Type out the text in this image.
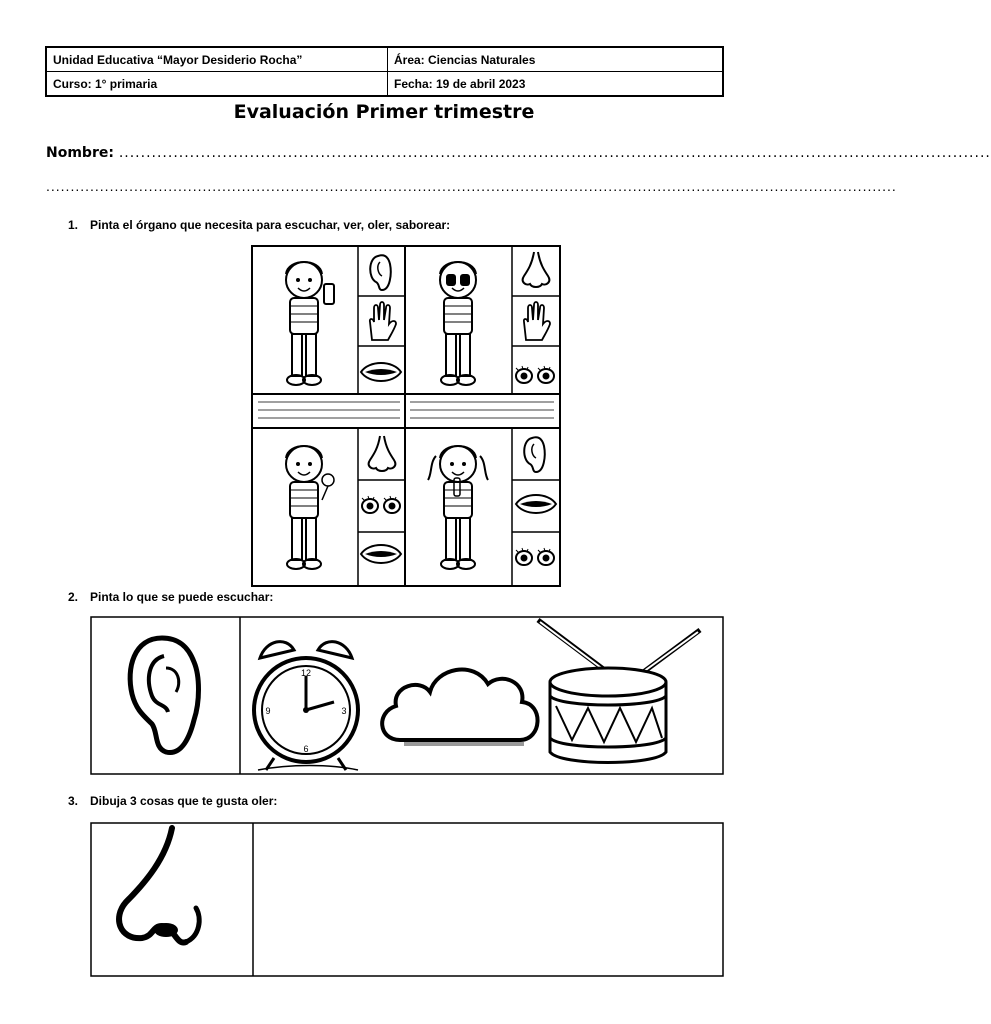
Unidad Educativa “Mayor Desiderio Rocha”	Área: Ciencias Naturales
Curso: 1° primaria	Fecha: 19 de abril 2023
Evaluación Primer trimestre
Nombre: ................................................................................................................................................................
..............................................................................................................................................................................
1. Pinta el órgano que necesita para escuchar, ver, oler, saborear:
2. Pinta lo que se puede escuchar:
12
3
6
9
3. Dibuja 3 cosas que te gusta oler:
